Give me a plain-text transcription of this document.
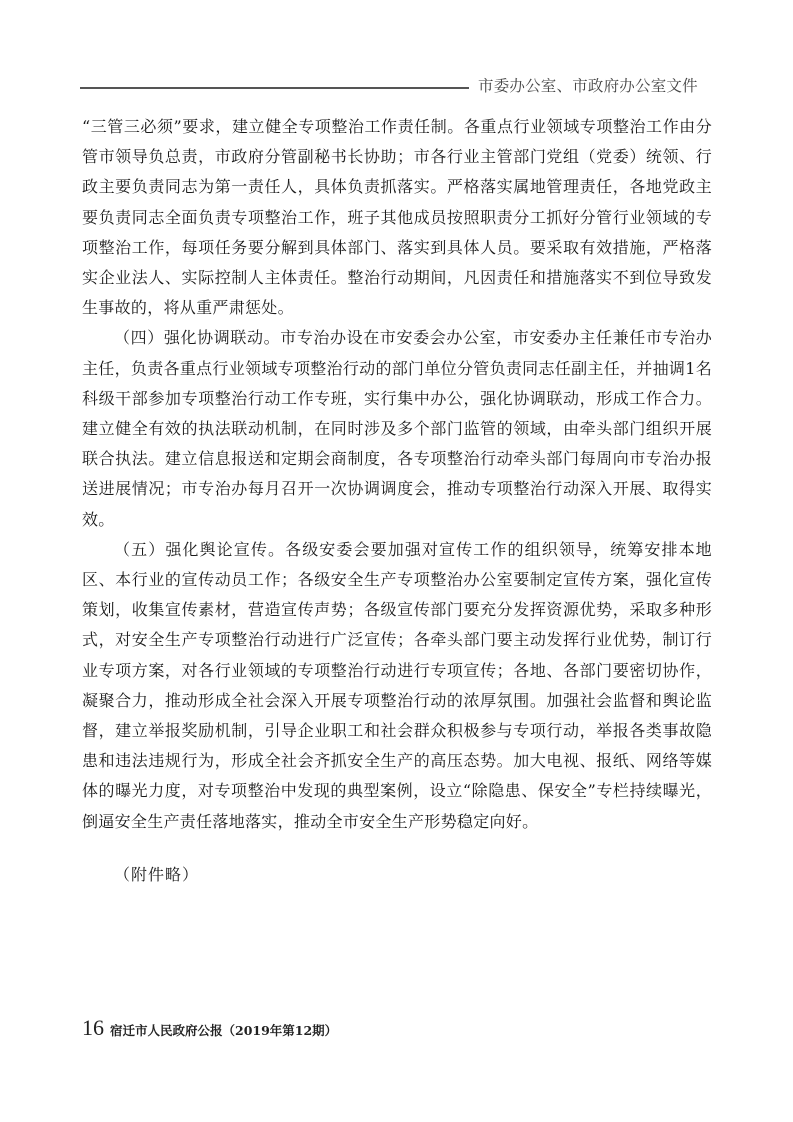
市委办公室、市政府办公室文件

“三管三必须”要求，建立健全专项整治工作责任制。各重点行业领域专项整治工作由分管市领导负总责，市政府分管副秘书长协助；市各行业主管部门党组（党委）统领、行政主要负责同志为第一责任人，具体负责抓落实。严格落实属地管理责任，各地党政主要负责同志全面负责专项整治工作，班子其他成员按照职责分工抓好分管行业领域的专项整治工作，每项任务要分解到具体部门、落实到具体人员。要采取有效措施，严格落实企业法人、实际控制人主体责任。整治行动期间，凡因责任和措施落实不到位导致发生事故的，将从重严肃惩处。

（四）强化协调联动。市专治办设在市安委会办公室，市安委办主任兼任市专治办主任，负责各重点行业领域专项整治行动的部门单位分管负责同志任副主任，并抽调1名科级干部参加专项整治行动工作专班，实行集中办公，强化协调联动，形成工作合力。建立健全有效的执法联动机制，在同时涉及多个部门监管的领域，由牵头部门组织开展联合执法。建立信息报送和定期会商制度，各专项整治行动牵头部门每周向市专治办报送进展情况；市专治办每月召开一次协调调度会，推动专项整治行动深入开展、取得实效。

（五）强化舆论宣传。各级安委会要加强对宣传工作的组织领导，统筹安排本地区、本行业的宣传动员工作；各级安全生产专项整治办公室要制定宣传方案，强化宣传策划，收集宣传素材，营造宣传声势；各级宣传部门要充分发挥资源优势，采取多种形式，对安全生产专项整治行动进行广泛宣传；各牵头部门要主动发挥行业优势，制订行业专项方案，对各行业领域的专项整治行动进行专项宣传；各地、各部门要密切协作，凝聚合力，推动形成全社会深入开展专项整治行动的浓厚氛围。加强社会监督和舆论监督，建立举报奖励机制，引导企业职工和社会群众积极参与专项行动，举报各类事故隐患和违法违规行为，形成全社会齐抓安全生产的高压态势。加大电视、报纸、网络等媒体的曝光力度，对专项整治中发现的典型案例，设立“除隐患、保安全”专栏持续曝光，倒逼安全生产责任落地落实，推动全市安全生产形势稳定向好。

（附件略）
16 宿迁市人民政府公报（2019年第12期）
